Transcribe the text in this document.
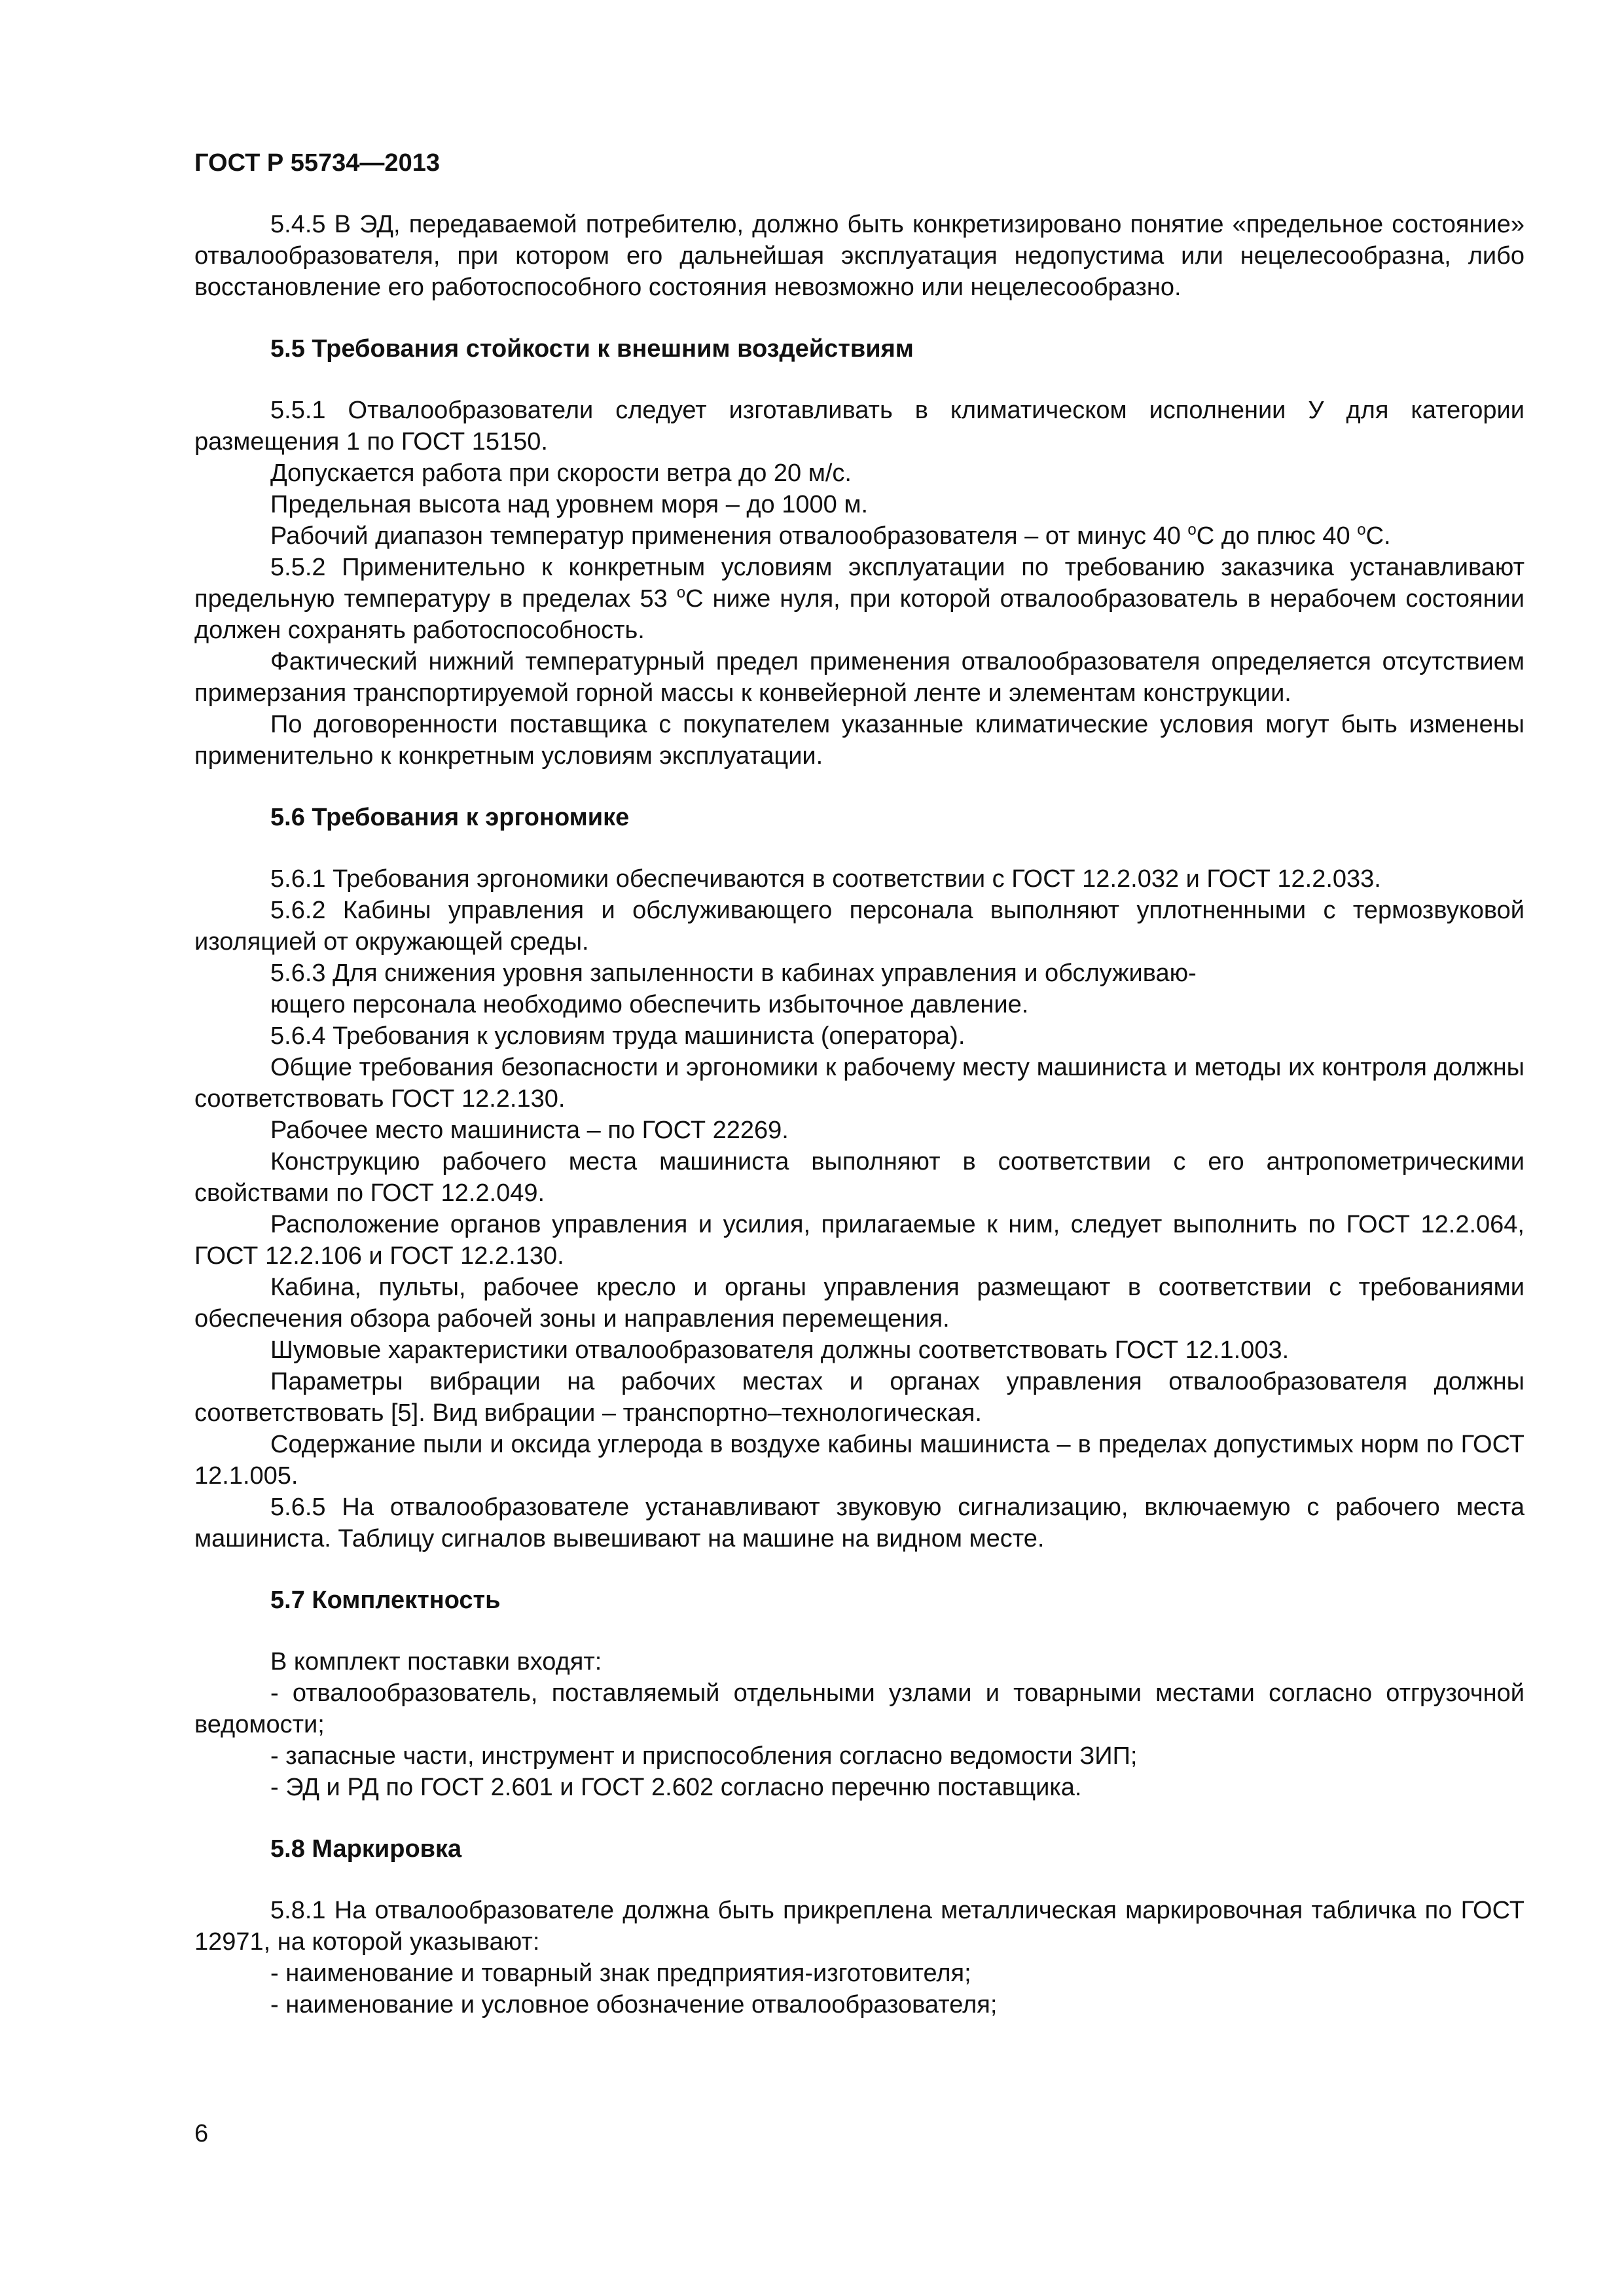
ГОСТ Р 55734—2013

5.4.5 В ЭД, передаваемой потребителю, должно быть конкретизировано понятие «предельное состояние» отвалообразователя, при котором его дальнейшая эксплуатация недопустима или нецелесообразна, либо восстановление его работоспособного состояния невозможно или нецелесообразно.

5.5 Требования стойкости к внешним воздействиям

5.5.1 Отвалообразователи следует изготавливать в климатическом исполнении У для категории размещения 1 по ГОСТ 15150.

Допускается работа при скорости ветра до 20 м/с.

Предельная высота над уровнем моря – до 1000 м.

Рабочий диапазон температур применения отвалообразователя – от минус 40 $^о$С до плюс 40 $^о$С.

5.5.2 Применительно к конкретным условиям эксплуатации по требованию заказчика устанавливают предельную температуру в пределах 53 $^о$С ниже нуля, при которой отвалообразователь в нерабочем состоянии должен сохранять работоспособность.

Фактический нижний температурный предел применения отвалообразователя определяется отсутствием примерзания транспортируемой горной массы к конвейерной ленте и элементам конструкции.

По договоренности поставщика с покупателем указанные климатические условия могут быть изменены применительно к конкретным условиям эксплуатации.

5.6 Требования к эргономике

5.6.1 Требования эргономики обеспечиваются в соответствии с ГОСТ 12.2.032 и ГОСТ 12.2.033.

5.6.2 Кабины управления и обслуживающего персонала выполняют уплотненными с термозвуковой изоляцией от окружающей среды.

5.6.3 Для снижения уровня запыленности в кабинах управления и обслуживаю-

ющего персонала необходимо обеспечить избыточное давление.

5.6.4 Требования к условиям труда машиниста (оператора).

Общие требования безопасности и эргономики к рабочему месту машиниста и методы их контроля должны соответствовать ГОСТ 12.2.130.

Рабочее место машиниста – по ГОСТ 22269.

Конструкцию рабочего места машиниста выполняют в соответствии с его антропометрическими свойствами по ГОСТ 12.2.049.

Расположение органов управления и усилия, прилагаемые к ним, следует выполнить по ГОСТ 12.2.064, ГОСТ 12.2.106 и ГОСТ 12.2.130.

Кабина, пульты, рабочее кресло и органы управления размещают в соответствии с требованиями обеспечения обзора рабочей зоны и направления перемещения.

Шумовые характеристики отвалообразователя должны соответствовать ГОСТ 12.1.003.

Параметры вибрации на рабочих местах и органах управления отвалообразователя должны соответствовать [5]. Вид вибрации – транспортно–технологическая.

Содержание пыли и оксида углерода в воздухе кабины машиниста – в пределах допустимых норм по ГОСТ 12.1.005.

5.6.5 На отвалообразователе устанавливают звуковую сигнализацию, включаемую с рабочего места машиниста. Таблицу сигналов вывешивают на машине на видном месте.

5.7 Комплектность

В комплект поставки входят:

- отвалообразователь, поставляемый отдельными узлами и товарными местами согласно отгрузочной ведомости;

- запасные части, инструмент и приспособления согласно ведомости ЗИП;

- ЭД и РД по ГОСТ 2.601 и ГОСТ 2.602 согласно перечню поставщика.

5.8 Маркировка

5.8.1 На отвалообразователе должна быть прикреплена металлическая маркировочная табличка по ГОСТ 12971, на которой указывают:

- наименование и товарный знак предприятия-изготовителя;

- наименование и условное обозначение отвалообразователя;

6
